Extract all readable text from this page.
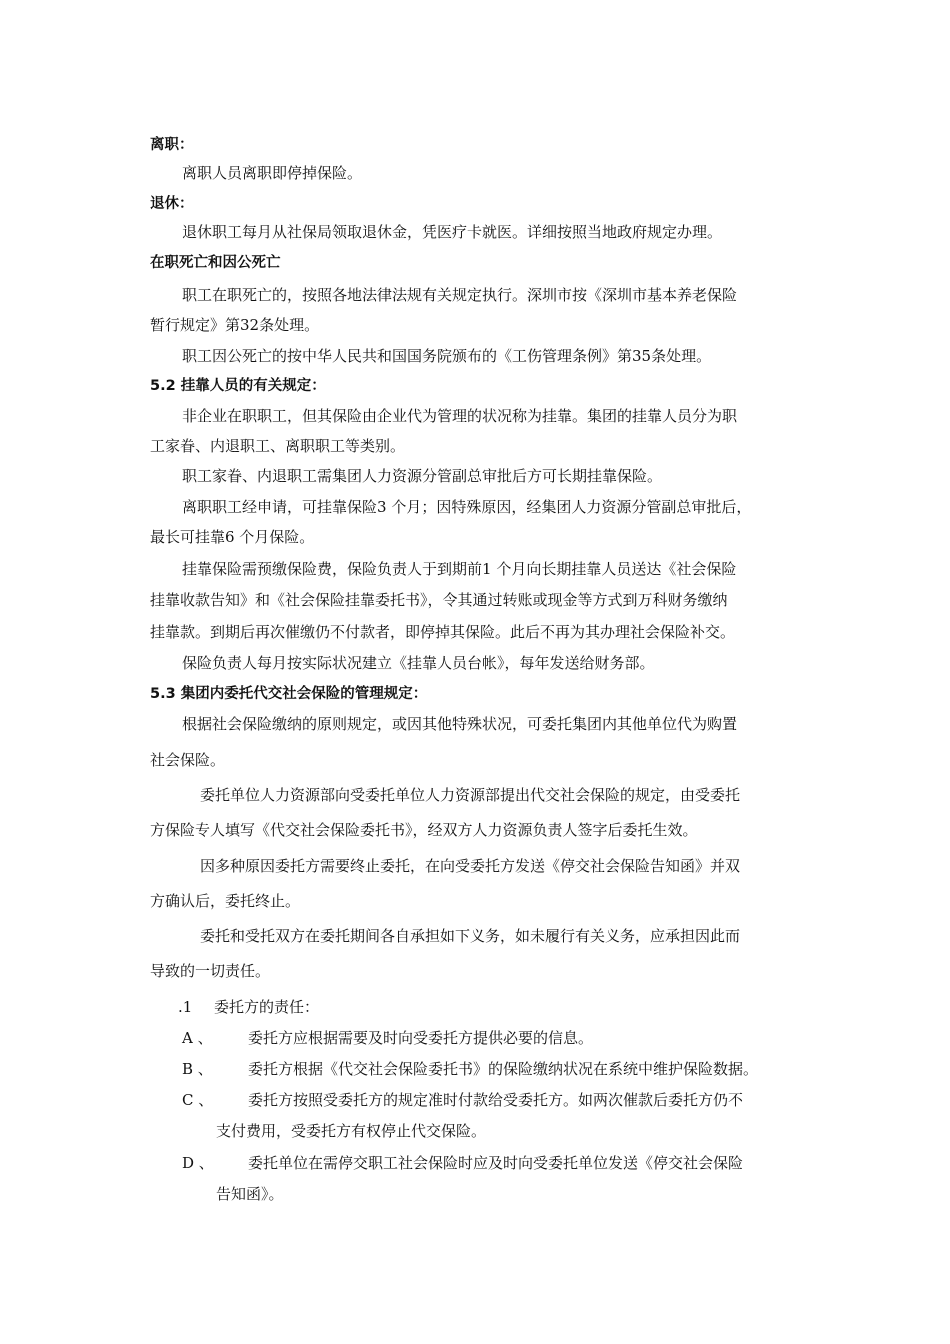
离职：
离职人员离职即停掉保险。
退休：
退休职工每月从社保局领取退休金，凭医疗卡就医。详细按照当地政府规定办理。
在职死亡和因公死亡
职工在职死亡的，按照各地法律法规有关规定执行。深圳市按《深圳市基本养老保险
暂行规定》第32条处理。
职工因公死亡的按中华人民共和国国务院颁布的《工伤管理条例》第35条处理。
5.2 挂靠人员的有关规定：
非企业在职职工，但其保险由企业代为管理的状况称为挂靠。集团的挂靠人员分为职
工家眷、内退职工、离职职工等类别。
职工家眷、内退职工需集团人力资源分管副总审批后方可长期挂靠保险。
离职职工经申请，可挂靠保险3 个月；因特殊原因，经集团人力资源分管副总审批后，
最长可挂靠6 个月保险。
挂靠保险需预缴保险费，保险负责人于到期前1 个月向长期挂靠人员送达《社会保险
挂靠收款告知》和《社会保险挂靠委托书》，令其通过转账或现金等方式到万科财务缴纳
挂靠款。到期后再次催缴仍不付款者，即停掉其保险。此后不再为其办理社会保险补交。
保险负责人每月按实际状况建立《挂靠人员台帐》，每年发送给财务部。
5.3 集团内委托代交社会保险的管理规定：
根据社会保险缴纳的原则规定，或因其他特殊状况，可委托集团内其他单位代为购置
社会保险。
委托单位人力资源部向受委托单位人力资源部提出代交社会保险的规定，由受委托
方保险专人填写《代交社会保险委托书》，经双方人力资源负责人签字后委托生效。
因多种原因委托方需要终止委托，在向受委托方发送《停交社会保险告知函》并双
方确认后，委托终止。
委托和受托双方在委托期间各自承担如下义务，如未履行有关义务，应承担因此而
导致的一切责任。
.1 委托方的责任：
A 、 委托方应根据需要及时向受委托方提供必要的信息。
B 、 委托方根据《代交社会保险委托书》的保险缴纳状况在系统中维护保险数据。
C 、 委托方按照受委托方的规定准时付款给受委托方。如两次催款后委托方仍不
支付费用，受委托方有权停止代交保险。
D 、 委托单位在需停交职工社会保险时应及时向受委托单位发送《停交社会保险
告知函》。
